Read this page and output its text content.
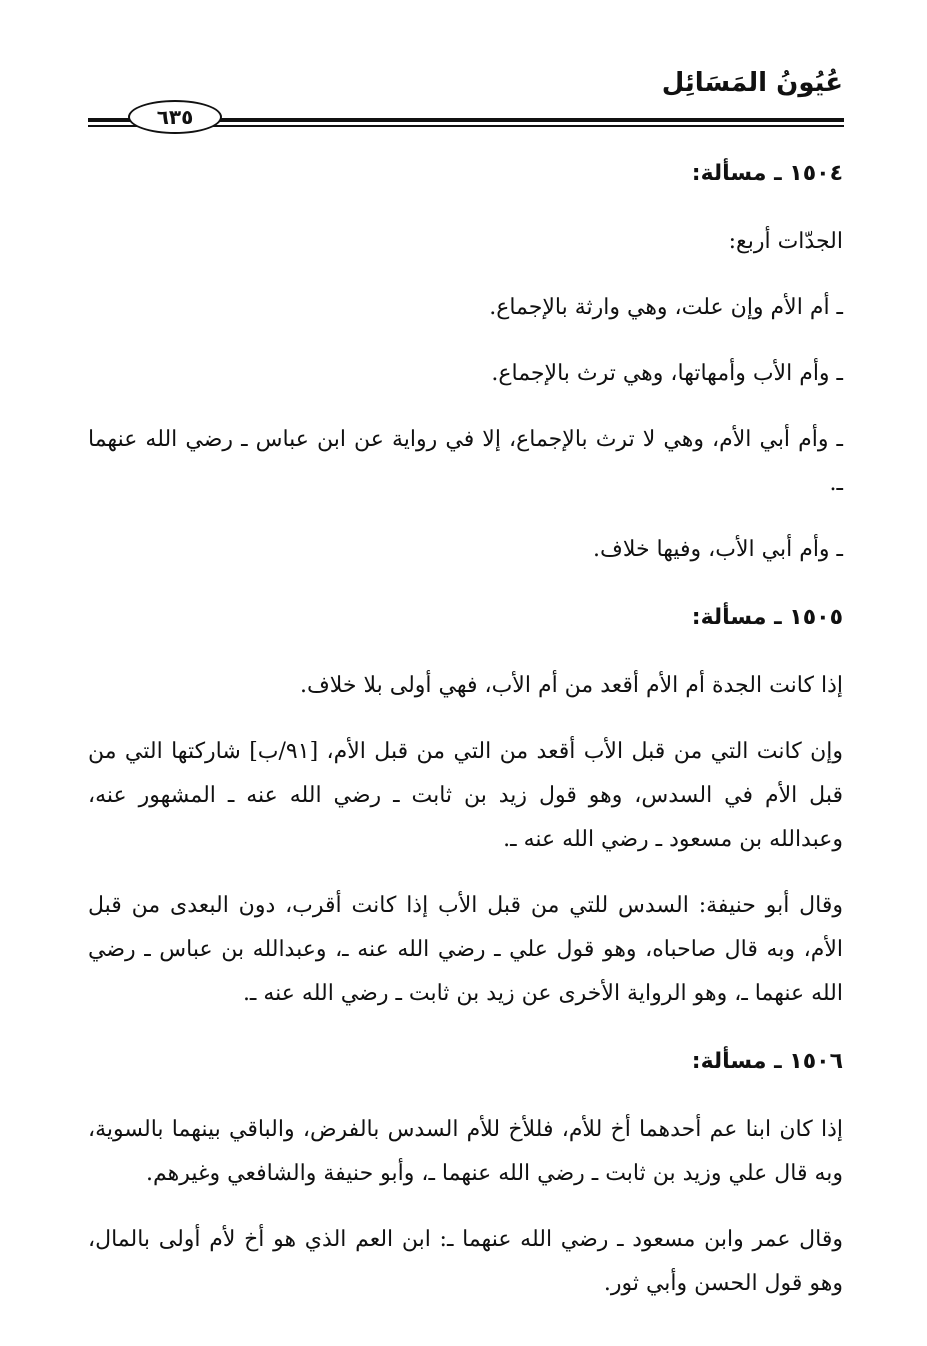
عُيُونُ المَسَائِل
٦٣٥
١٥٠٤ ـ مسألة:

الجدّات أربع:

ـ أم الأم وإن علت، وهي وارثة بالإجماع.

ـ وأم الأب وأمهاتها، وهي ترث بالإجماع.

ـ وأم أبي الأم، وهي لا ترث بالإجماع، إلا في رواية عن ابن عباس ـ رضي الله عنهما ـ.

ـ وأم أبي الأب، وفيها خلاف.

١٥٠٥ ـ مسألة:

إذا كانت الجدة أم الأم أقعد من أم الأب، فهي أولى بلا خلاف.

وإن كانت التي من قبل الأب أقعد من التي من قبل الأم، [٩١/ب] شاركتها التي من قبل الأم في السدس، وهو قول زيد بن ثابت ـ رضي الله عنه ـ المشهور عنه، وعبدالله بن مسعود ـ رضي الله عنه ـ.

وقال أبو حنيفة: السدس للتي من قبل الأب إذا كانت أقرب، دون البعدى من قبل الأم، وبه قال صاحباه، وهو قول علي ـ رضي الله عنه ـ، وعبدالله بن عباس ـ رضي الله عنهما ـ، وهو الرواية الأخرى عن زيد بن ثابت ـ رضي الله عنه ـ.

١٥٠٦ ـ مسألة:

إذا كان ابنا عم أحدهما أخ للأم، فللأخ للأم السدس بالفرض، والباقي بينهما بالسوية، وبه قال علي وزيد بن ثابت ـ رضي الله عنهما ـ، وأبو حنيفة والشافعي وغيرهم.

وقال عمر وابن مسعود ـ رضي الله عنهما ـ: ابن العم الذي هو أخ لأم أولى بالمال، وهو قول الحسن وأبي ثور.
